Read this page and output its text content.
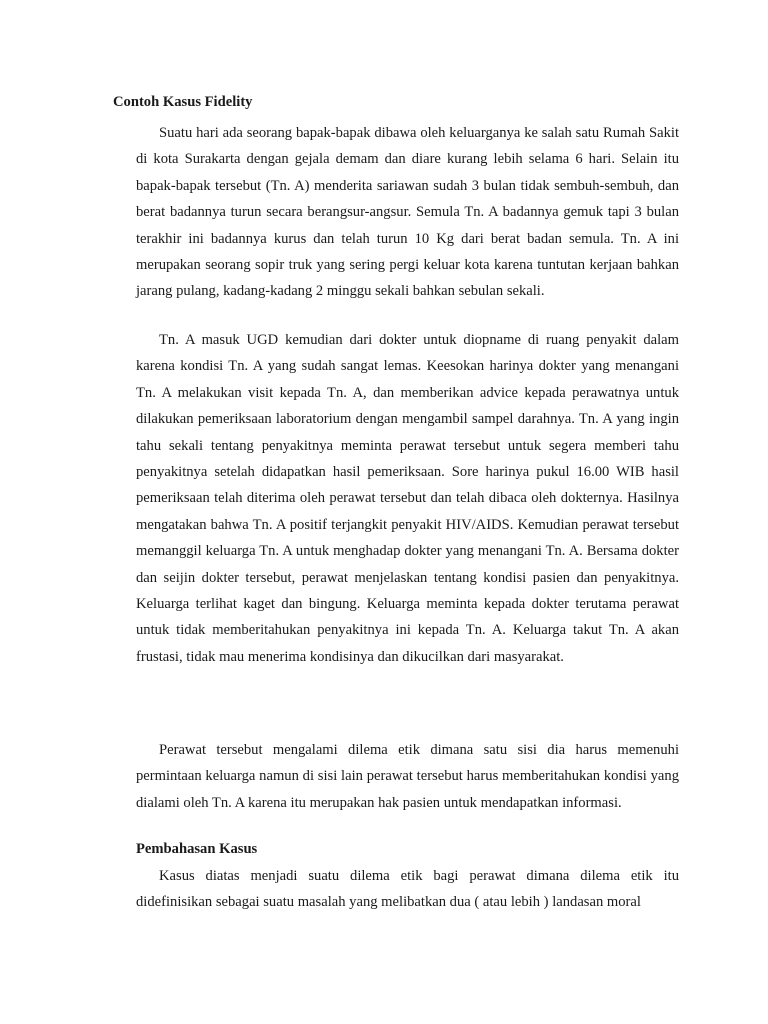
Contoh Kasus Fidelity

Suatu hari ada seorang bapak-bapak dibawa oleh keluarganya ke salah satu Rumah Sakit di kota Surakarta dengan gejala demam dan diare kurang lebih selama 6 hari. Selain itu bapak-bapak tersebut (Tn. A) menderita sariawan sudah 3 bulan tidak sembuh-sembuh, dan berat badannya turun secara berangsur-angsur. Semula Tn. A badannya gemuk tapi 3 bulan terakhir ini badannya kurus dan telah turun 10 Kg dari berat badan semula. Tn. A ini merupakan seorang sopir truk yang sering pergi keluar kota karena tuntutan kerjaan bahkan jarang pulang, kadang-kadang 2 minggu sekali bahkan sebulan sekali.

Tn. A masuk UGD kemudian dari dokter untuk diopname di ruang penyakit dalam karena kondisi Tn. A yang sudah sangat lemas. Keesokan harinya dokter yang menangani Tn. A melakukan visit kepada Tn. A, dan memberikan advice kepada perawatnya untuk dilakukan pemeriksaan laboratorium dengan mengambil sampel darahnya. Tn. A yang ingin tahu sekali tentang penyakitnya meminta perawat tersebut untuk segera memberi tahu penyakitnya setelah didapatkan hasil pemeriksaan. Sore harinya pukul 16.00 WIB hasil pemeriksaan telah diterima oleh perawat tersebut dan telah dibaca oleh dokternya. Hasilnya mengatakan bahwa Tn. A positif terjangkit penyakit HIV/AIDS. Kemudian perawat tersebut memanggil keluarga Tn. A untuk menghadap dokter yang menangani Tn. A. Bersama dokter dan seijin dokter tersebut, perawat menjelaskan tentang kondisi pasien dan penyakitnya. Keluarga terlihat kaget dan bingung. Keluarga meminta kepada dokter terutama perawat untuk tidak memberitahukan penyakitnya ini kepada Tn. A. Keluarga takut Tn. A akan frustasi, tidak mau menerima kondisinya dan dikucilkan dari masyarakat.

Perawat tersebut mengalami dilema etik dimana satu sisi dia harus memenuhi permintaan keluarga namun di sisi lain perawat tersebut harus memberitahukan kondisi yang dialami oleh Tn. A karena itu merupakan hak pasien untuk mendapatkan informasi.

Pembahasan Kasus

Kasus diatas menjadi suatu dilema etik bagi perawat dimana dilema etik itu didefinisikan sebagai suatu masalah yang melibatkan dua ( atau lebih ) landasan moral
